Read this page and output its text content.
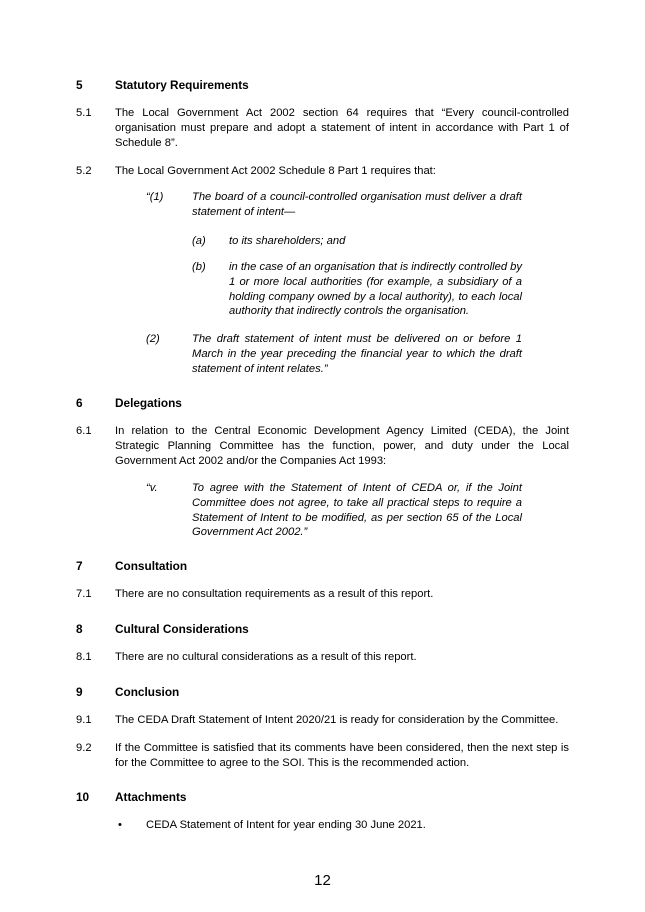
5	Statutory Requirements
5.1 The Local Government Act 2002 section 64 requires that “Every council-controlled organisation must prepare and adopt a statement of intent in accordance with Part 1 of Schedule 8”.
5.2 The Local Government Act 2002 Schedule 8 Part 1 requires that:
“(1)	The board of a council-controlled organisation must deliver a draft statement of intent—
(a) to its shareholders; and
(b) in the case of an organisation that is indirectly controlled by 1 or more local authorities (for example, a subsidiary of a holding company owned by a local authority), to each local authority that indirectly controls the organisation.
(2)	The draft statement of intent must be delivered on or before 1 March in the year preceding the financial year to which the draft statement of intent relates.”
6	Delegations
6.1 In relation to the Central Economic Development Agency Limited (CEDA), the Joint Strategic Planning Committee has the function, power, and duty under the Local Government Act 2002 and/or the Companies Act 1993:
“v.	To agree with the Statement of Intent of CEDA or, if the Joint Committee does not agree, to take all practical steps to require a Statement of Intent to be modified, as per section 65 of the Local Government Act 2002.”
7	Consultation
7.1 There are no consultation requirements as a result of this report.
8	Cultural Considerations
8.1 There are no cultural considerations as a result of this report.
9	Conclusion
9.1 The CEDA Draft Statement of Intent 2020/21 is ready for consideration by the Committee.
9.2 If the Committee is satisfied that its comments have been considered, then the next step is for the Committee to agree to the SOI. This is the recommended action.
10 Attachments
• CEDA Statement of Intent for year ending 30 June 2021.
12
